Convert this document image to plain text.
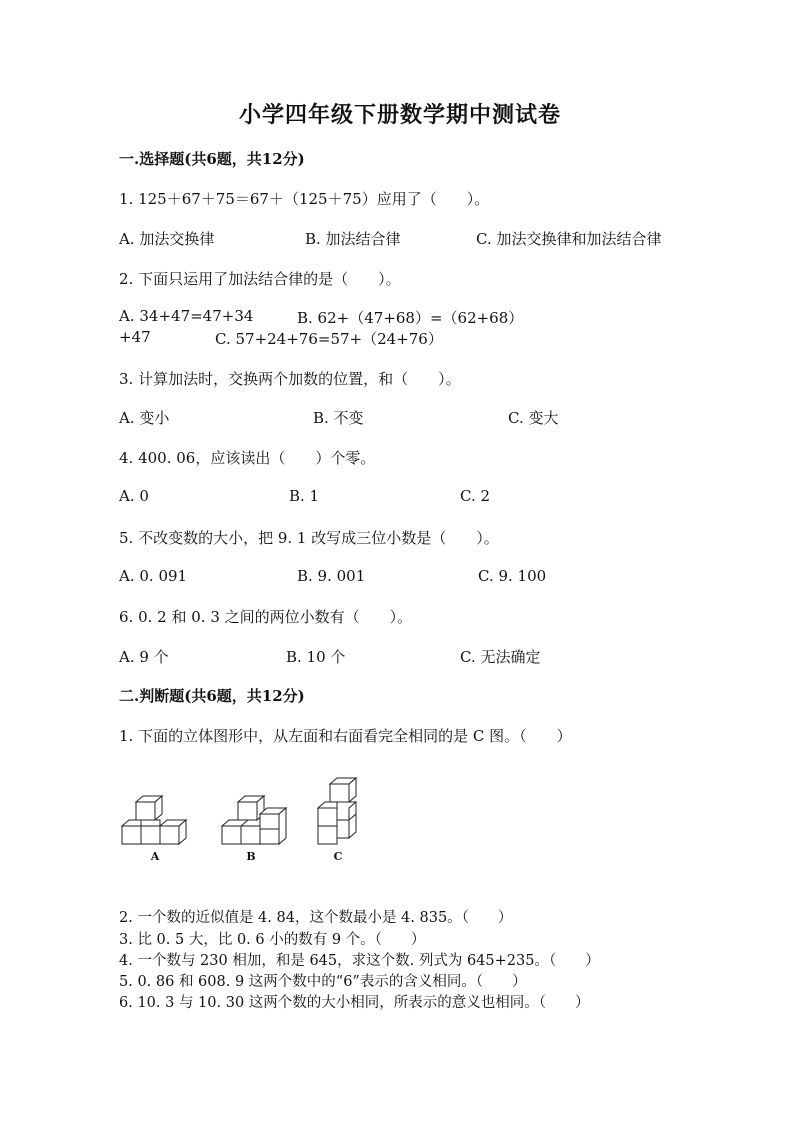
小学四年级下册数学期中测试卷
一.选择题(共6题，共12分)
1. 125＋67＋75＝67＋（125＋75）应用了（　　）。
A. 加法交换律	B. 加法结合律	C. 加法交换律和加法结合律
2. 下面只运用了加法结合律的是（　　）。
A. 34+47=47+34	B. 62+（47+68）=（62+68）
+47	C. 57+24+76=57+（24+76）
3. 计算加法时，交换两个加数的位置，和（　　）。
A. 变小	B. 不变	C. 变大
4. 400. 06，应该读出（　　）个零。
A. 0	B. 1	C. 2
5. 不改变数的大小，把 9. 1 改写成三位小数是（　　）。
A. 0. 091	B. 9. 001	C. 9. 100
6. 0. 2 和 0. 3 之间的两位小数有（　　）。
A. 9 个	B. 10 个	C. 无法确定
二.判断题(共6题，共12分)
1. 下面的立体图形中，从左面和右面看完全相同的是 C 图。（　　）
A	B	C
2. 一个数的近似值是 4. 84，这个数最小是 4. 835。（　　）
3. 比 0. 5 大，比 0. 6 小的数有 9 个。（　　）
4. 一个数与 230 相加，和是 645，求这个数. 列式为 645+235。（　　）
5. 0. 86 和 608. 9 这两个数中的“6”表示的含义相同。（　　）
6. 10. 3 与 10. 30 这两个数的大小相同，所表示的意义也相同。（　　）
